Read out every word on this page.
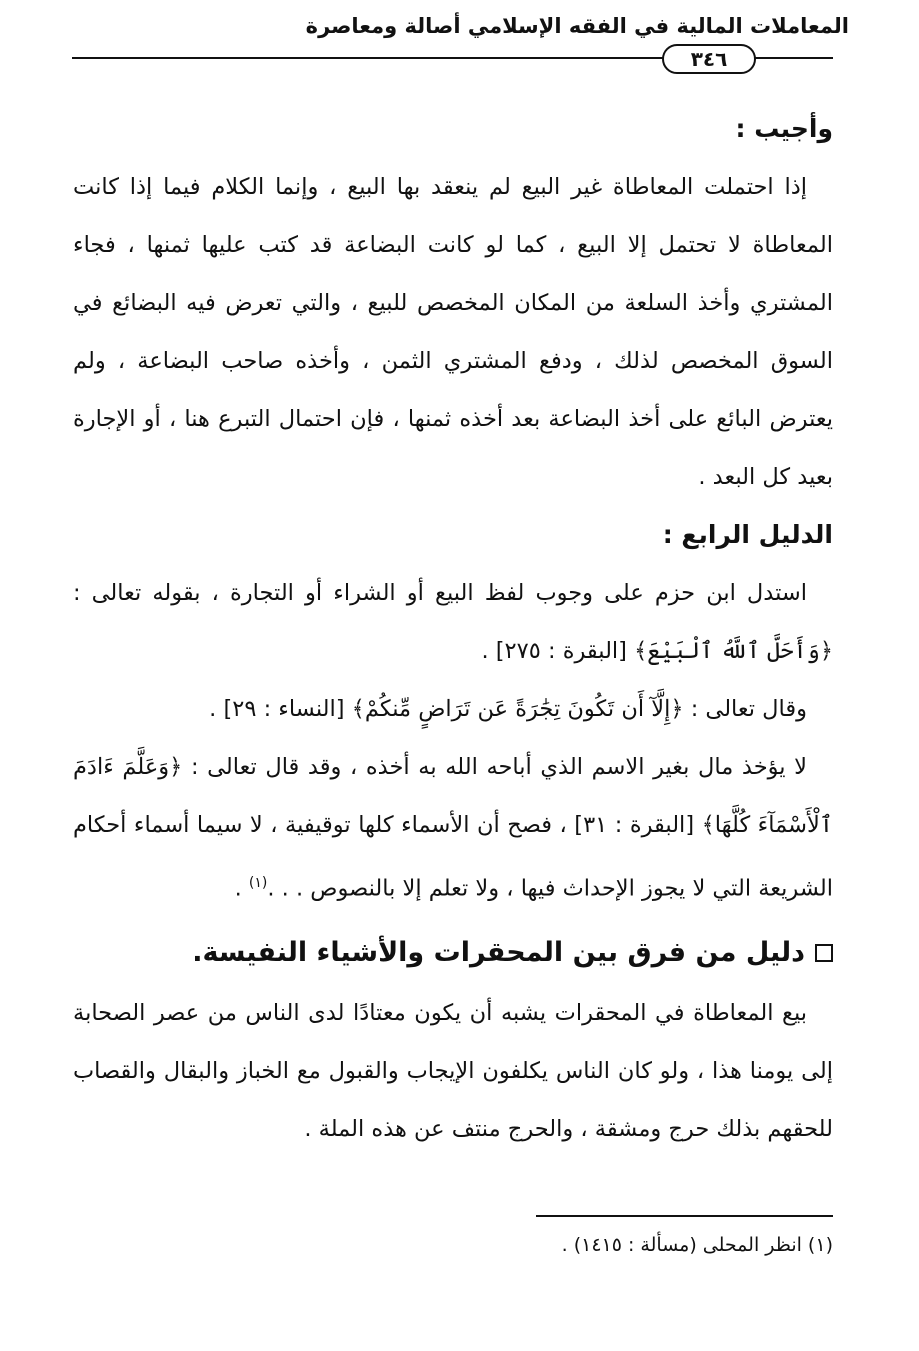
المعاملات المالية في الفقه الإسلامي أصالة ومعاصرة
٣٤٦

وأجيب :

إذا احتملت المعاطاة غير البيع لم ينعقد بها البيع ، وإنما الكلام فيما إذا كانت المعاطاة لا تحتمل إلا البيع ، كما لو كانت البضاعة قد كتب عليها ثمنها ، فجاء المشتري وأخذ السلعة من المكان المخصص للبيع ، والتي تعرض فيه البضائع في السوق المخصص لذلك ، ودفع المشتري الثمن ، وأخذه صاحب البضاعة ، ولم يعترض البائع على أخذ البضاعة بعد أخذه ثمنها ، فإن احتمال التبرع هنا ، أو الإجارة بعيد كل البعد .

الدليل الرابع :

استدل ابن حزم على وجوب لفظ البيع أو الشراء أو التجارة ، بقوله تعالى : ﴿وَأَحَلَّ ٱللَّهُ ٱلْبَيْعَ﴾ [البقرة : ٢٧٥] .

وقال تعالى : ﴿إِلَّآ أَن تَكُونَ تِجَٰرَةً عَن تَرَاضٍ مِّنكُمْ﴾ [النساء : ٢٩] .

لا يؤخذ مال بغير الاسم الذي أباحه الله به أخذه ، وقد قال تعالى : ﴿وَعَلَّمَ ءَادَمَ ٱلْأَسْمَآءَ كُلَّهَا﴾ [البقرة : ٣١] ، فصح أن الأسماء كلها توقيفية ، لا سيما أسماء أحكام الشريعة التي لا يجوز الإحداث فيها ، ولا تعلم إلا بالنصوص . . .$^{(١)}$ .

دليل من فرق بين المحقرات والأشياء النفيسة.

بيع المعاطاة في المحقرات يشبه أن يكون معتادًا لدى الناس من عصر الصحابة إلى يومنا هذا ، ولو كان الناس يكلفون الإيجاب والقبول مع الخباز والبقال والقصاب للحقهم بذلك حرج ومشقة ، والحرج منتف عن هذه الملة .

(١) انظر المحلى (مسألة : ١٤١٥) .
